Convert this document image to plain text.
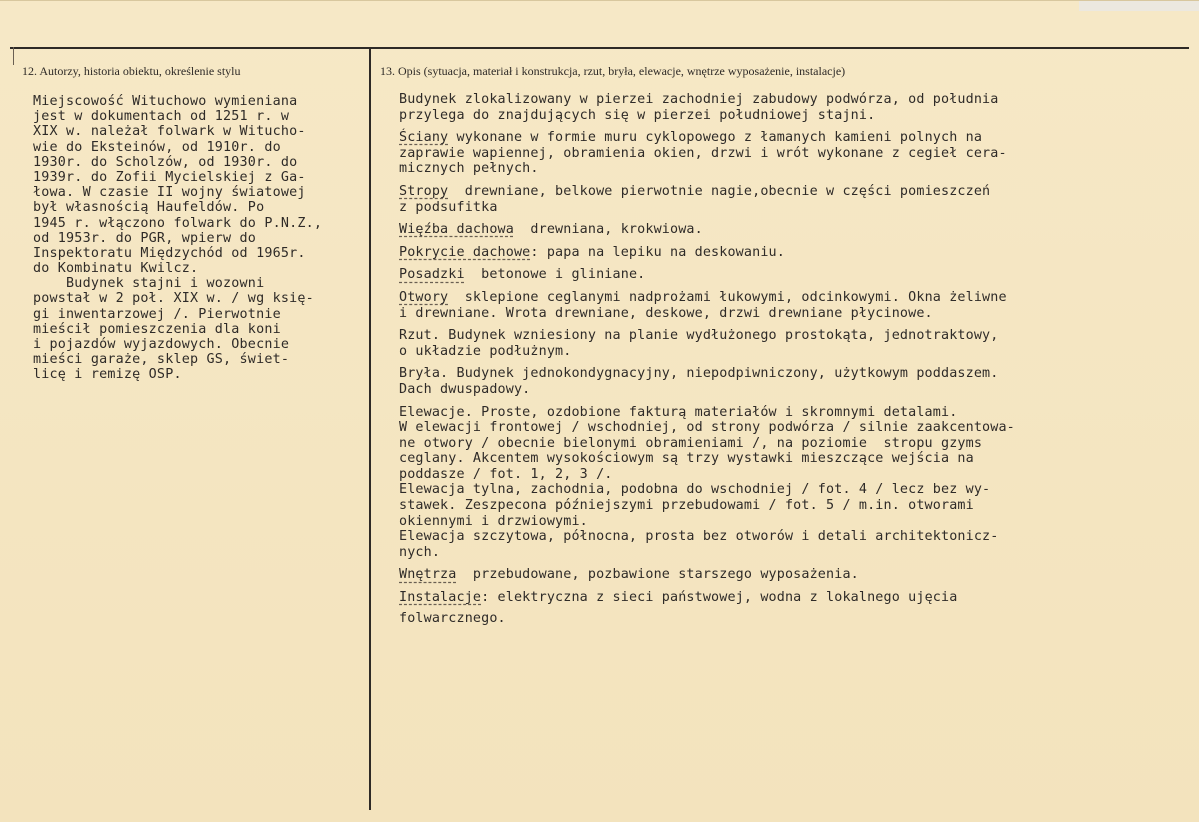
12. Autorzy, historia obiektu, określenie stylu	13. Opis (sytuacja, materiał i konstrukcja, rzut, bryła, elewacje, wnętrze wyposażenie, instalacje)
Miejscowość Wituchowo wymieniana
jest w dokumentach od 1251 r. w
XIX w. należał folwark w Wituchо-
wie do Eksteinów, od 1910r. do
1930r. do Scholzów, od 1930r. do
1939r. do Zofii Mycielskiej z Ga-
łowa. W czasie II wojny światowej
był własnością Haufeldów. Po
1945 r. włączono folwark do P.N.Z.,
od 1953r. do PGR, wpierw do
Inspektoratu Międzychód od 1965r.
do Kombinatu Kwilcz.
Budynek stajni i wozowni
powstał w 2 poł. XIX w. / wg księ-
gi inwentarzowej /. Pierwotnie
mieścił pomieszczenia dla koni
i pojazdów wyjazdowych. Obecnie
mieści garaże, sklep GS, świet-
licę i remizę OSP.
Budynek zlokalizowany w pierzei zachodniej zabudowy podwórza, od południa
przylega do znajdujących się w pierzei południowej stajni.
Ściany wykonane w formie muru cyklopowego z łamanych kamieni polnych na
zaprawie wapiennej, obramienia okien, drzwi i wrót wykonane z cegieł cera-
micznych pełnych.
Stropy  drewniane, belkowe pierwotnie nagie,obecnie w części pomieszczeń
z podsufitka
Więźba dachowa  drewniana, krokwiowa.
Pokrycie dachowe: papa na lepiku na deskowaniu.
Posadzki  betonowe i gliniane.
Otwory  sklepione ceglanymi nadprożami łukowymi, odcinkowymi. Okna żeliwne
i drewniane. Wrota drewniane, deskowe, drzwi drewniane płycinowe.
Rzut. Budynek wzniesiony na planie wydłużonego prostokąta, jednotraktowy,
o układzie podłużnym.
Bryła. Budynek jednokondygnacyjny, niepodpiwniczony, użytkowym poddaszem.
Dach dwuspadowy.
Elewacje. Proste, ozdobione fakturą materiałów i skromnymi detalami.
W elewacji frontowej / wschodniej, od strony podwórza / silnie zaakcentowa-
ne otwory / obecnie bielonymi obramieniami /, na poziomie  stropu gzyms
ceglany. Akcentem wysokościowym są trzy wystawki mieszczące wejścia na
poddasze / fot. 1, 2, 3 /.
Elewacja tylna, zachodnia, podobna do wschodniej / fot. 4 / lecz bez wy-
stawek. Zeszpecona późniejszymi przebudowami / fot. 5 / m.in. otworami
okiennymi i drzwiowymi.
Elewacja szczytowa, północna, prosta bez otworów i detali architektonicz-
nych.
Wnętrza  przebudowane, pozbawione starszego wyposażenia.
Instalacje: elektryczna z sieci państwowej, wodna z lokalnego ujęcia
folwarcznego.
